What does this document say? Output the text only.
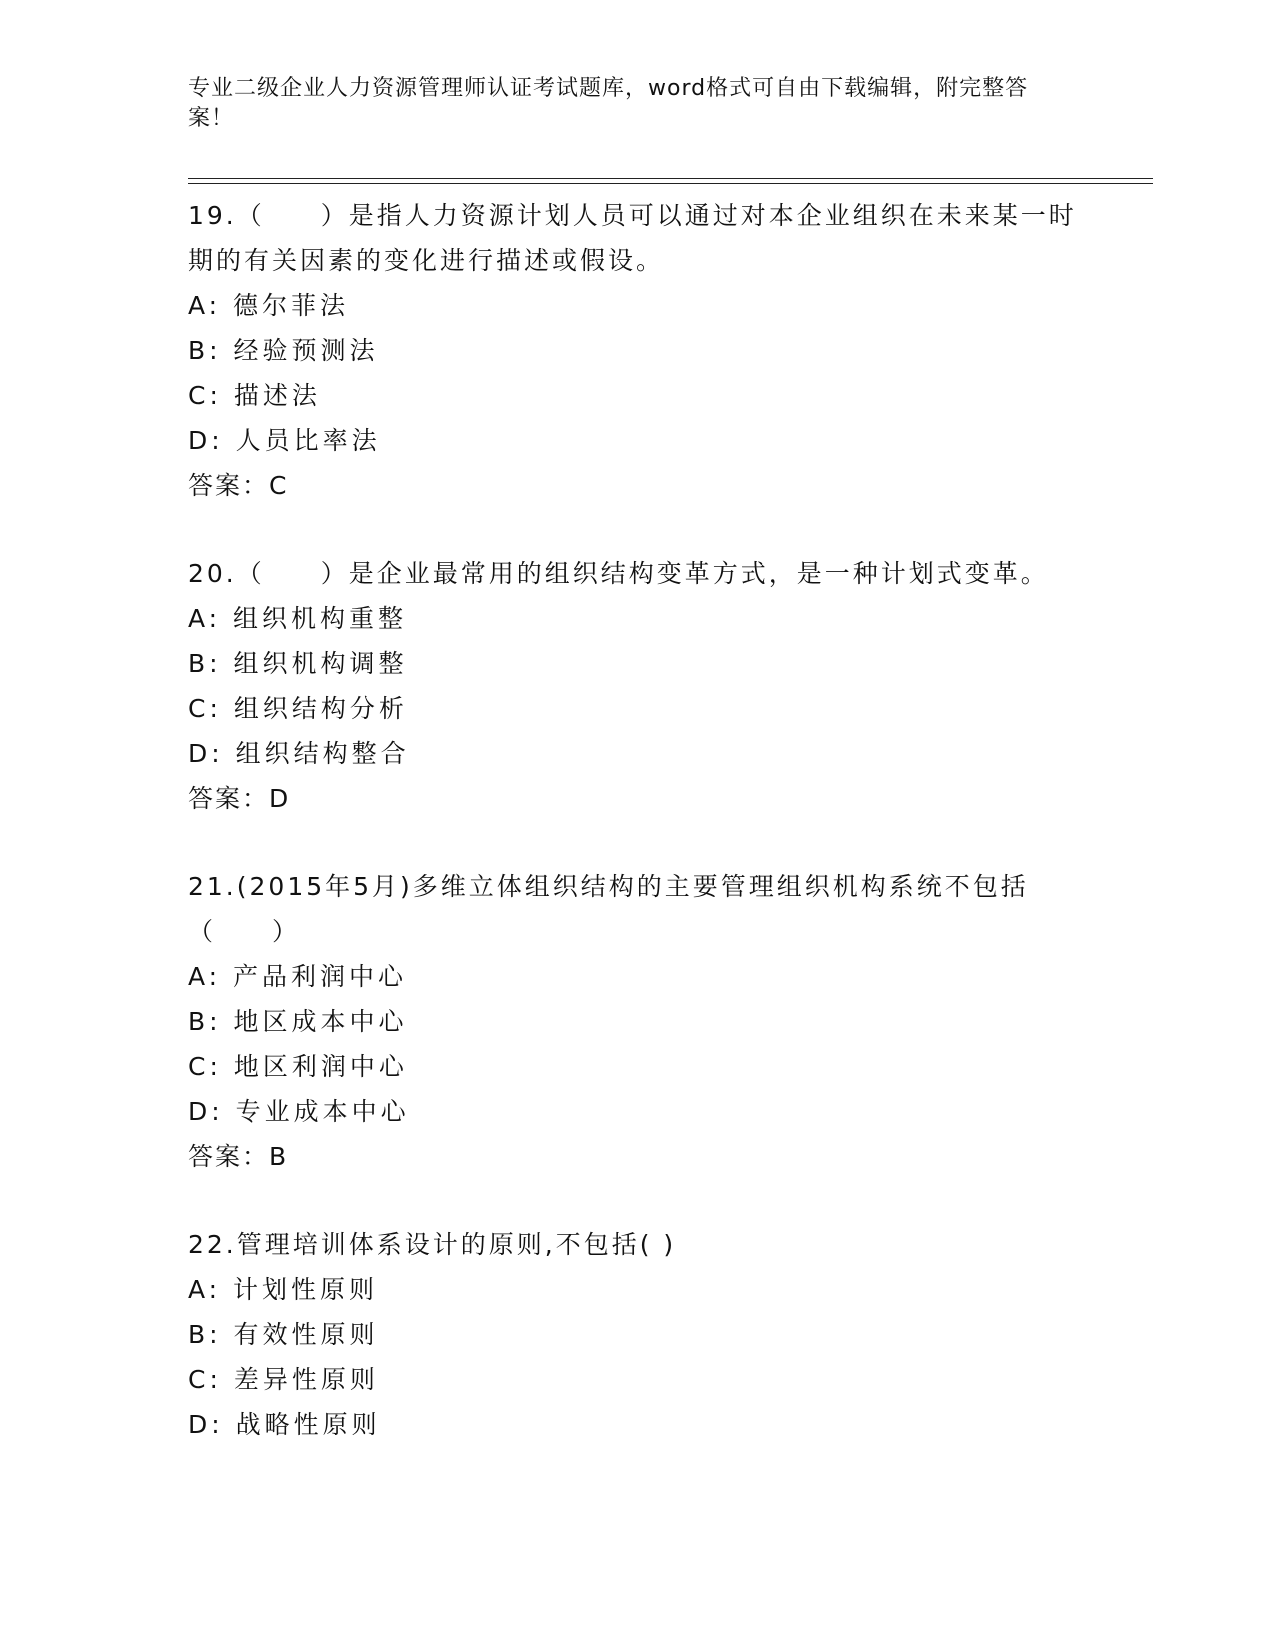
专业二级企业人力资源管理师认证考试题库，word格式可自由下载编辑，附完整答案！
19.（　　）是指人力资源计划人员可以通过对本企业组织在未来某一时期的有关因素的变化进行描述或假设。
A: 德尔菲法
B: 经验预测法
C: 描述法
D: 人员比率法
答案：C
20.（　　）是企业最常用的组织结构变革方式，是一种计划式变革。
A: 组织机构重整
B: 组织机构调整
C: 组织结构分析
D: 组织结构整合
答案：D
21.(2015年5月)多维立体组织结构的主要管理组织机构系统不包括（　　）
A: 产品利润中心
B: 地区成本中心
C: 地区利润中心
D: 专业成本中心
答案：B
22.管理培训体系设计的原则,不包括( )
A: 计划性原则
B: 有效性原则
C: 差异性原则
D: 战略性原则
